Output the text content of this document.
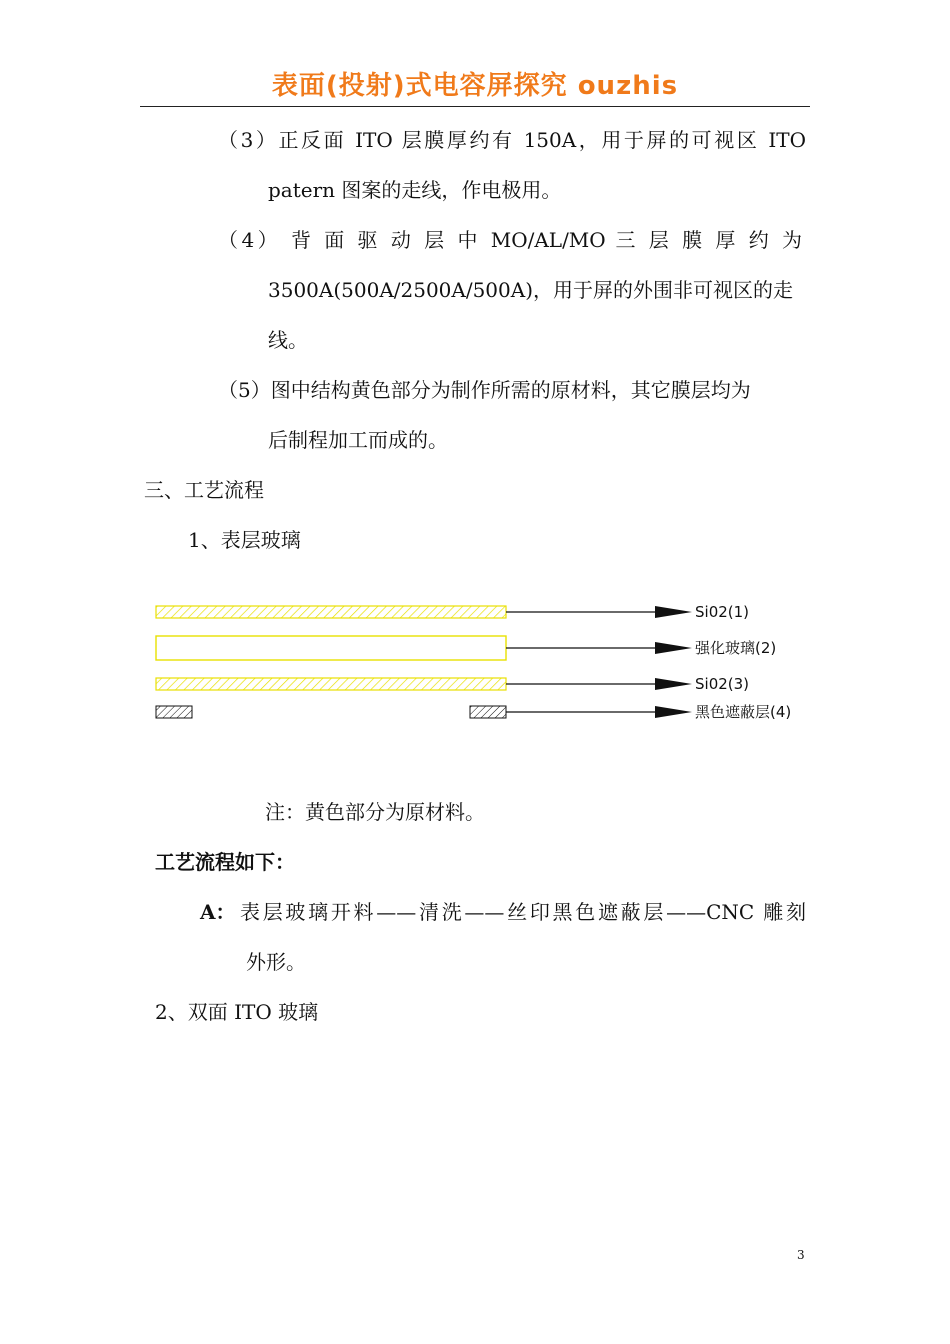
表面(投射)式电容屏探究 ouzhis
（3）正反面 ITO 层膜厚约有 150A，用于屏的可视区 ITO
patern 图案的走线，作电极用。
（4） 背 面 驱 动 层 中 MO/AL/MO 三 层 膜 厚 约 为
3500A(500A/2500A/500A)，用于屏的外围非可视区的走
线。
（5）图中结构黄色部分为制作所需的原材料，其它膜层均为
后制程加工而成的。
三、工艺流程
1、表层玻璃
Si02(1)
强化玻璃(2)
Si02(3)
黑色遮蔽层(4)
注：黄色部分为原材料。
工艺流程如下：
A： 表层玻璃开料——清洗——丝印黑色遮蔽层——CNC 雕刻
外形。
2、双面 ITO 玻璃
3
